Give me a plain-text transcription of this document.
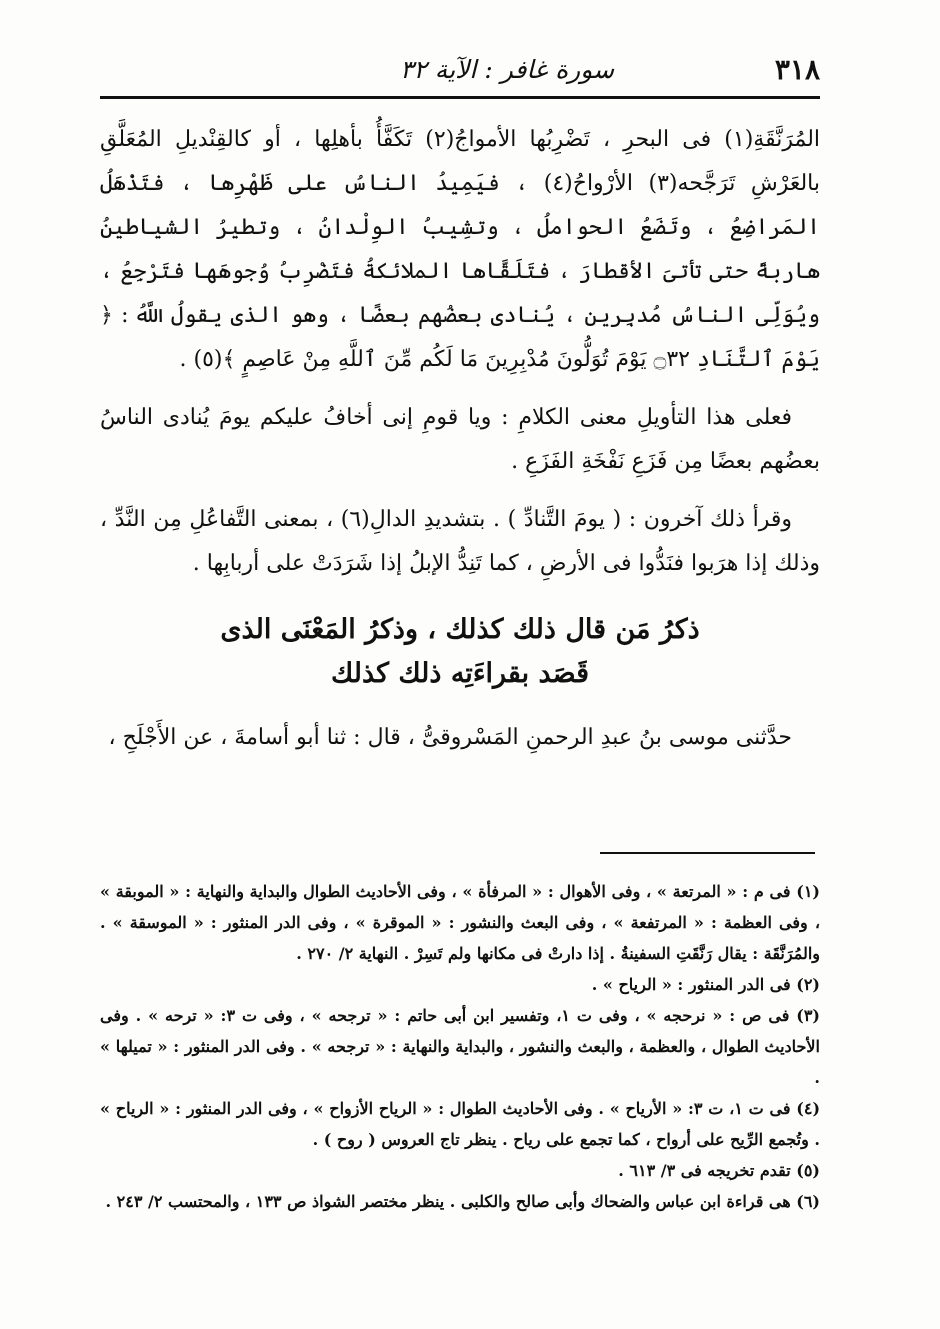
٣١٨
سورة غافر : الآية ٣٢

المُرَنَّقَةِ(١) فى البحرِ ، تَضْرِبُها الأمواجُ(٢) تَكَفَّأُ بأهلِها ، أو كالقِنْديلِ المُعَلَّقِ بالعَرْشِ تَرَجَّحه(٣) الأرْواحُ(٤) ، فيَمِيدُ الناسُ على ظَهْرِها ، فتَذْهَلُ المَراضِعُ ، وتَضَعُ الحواملُ ، وتشِيبُ الوِلْدانُ ، وتطيرُ الشياطينُ هاربةً حتى تأتىَ الأقطارَ ، فتَلَقَّاها الملائكةُ فتَضْرِبُ وُجوهَها فتَرْجِعُ ، ويُوَلِّى الناسُ مُدبِرين ، يُنادى بعضُهم بعضًا ، وهو الذى يقولُ اللَّهُ : ﴿ يَوْمَ ٱلتَّنَادِ ۝٣٢ يَوْمَ تُوَلُّونَ مُدْبِرِينَ مَا لَكُم مِّنَ ٱللَّهِ مِنْ عَاصِمٍ ﴾(٥) .

فعلى هذا التأويلِ معنى الكلامِ : ويا قومِ إنى أخافُ عليكم يومَ يُنادى الناسُ بعضُهم بعضًا مِن فَزَعِ نَفْخَةِ الفَزَعِ .

وقرأ ذلك آخرون : ( يومَ التَّنادِّ ) . بتشديدِ الدالِ(٦) ، بمعنى التَّفاعُلِ مِن النَّدِّ ، وذلك إذا هرَبوا فنَدُّوا فى الأرضِ ، كما تَنِدُّ الإبلُ إذا شَرَدَتْ على أربابِها .

ذكرُ مَن قال ذلك كذلك ، وذكرُ المَعْنَى الذى
قَصَد بقراءَتِه ذلك كذلك

حدَّثنى موسى بنُ عبدِ الرحمنِ المَسْروقىُّ ، قال : ثنا أبو أسامةَ ، عن الأَجْلَحِ ،

(١) فى م : « المرتعة » ، وفى الأهوال : « المرفأة » ، وفى الأحاديث الطوال والبداية والنهاية : « الموبقة » ، وفى العظمة : « المرتفعة » ، وفى البعث والنشور : « الموقرة » ، وفى الدر المنثور : « الموسقة » . والمُرَنَّقَة : يقال رَنَّقَتِ السفينةُ . إذا دارتْ فى مكانها ولم تَسِرْ . النهاية ٢/ ٢٧٠ .

(٢) فى الدر المنثور : « الرياح » .

(٣) فى ص : « نرحجه » ، وفى ت ١، وتفسير ابن أبى حاتم : « ترجحه » ، وفى ت ٣: « ترحه » . وفى الأحاديث الطوال ، والعظمة ، والبعث والنشور ، والبداية والنهاية : « ترجحه » . وفى الدر المنثور : « تميلها » .

(٤) فى ت ١، ت ٣: « الأرياح » . وفى الأحاديث الطوال : « الرياح الأزواح » ، وفى الدر المنثور : « الرياح » . وتُجمع الرِّيح على أرواح ، كما تجمع على رياح . ينظر تاج العروس ( روح ) .

(٥) تقدم تخريجه فى ٣/ ٦١٣ .

(٦) هى قراءة ابن عباس والضحاك وأبى صالح والكلبى . ينظر مختصر الشواذ ص ١٣٣ ، والمحتسب ٢/ ٢٤٣ .
